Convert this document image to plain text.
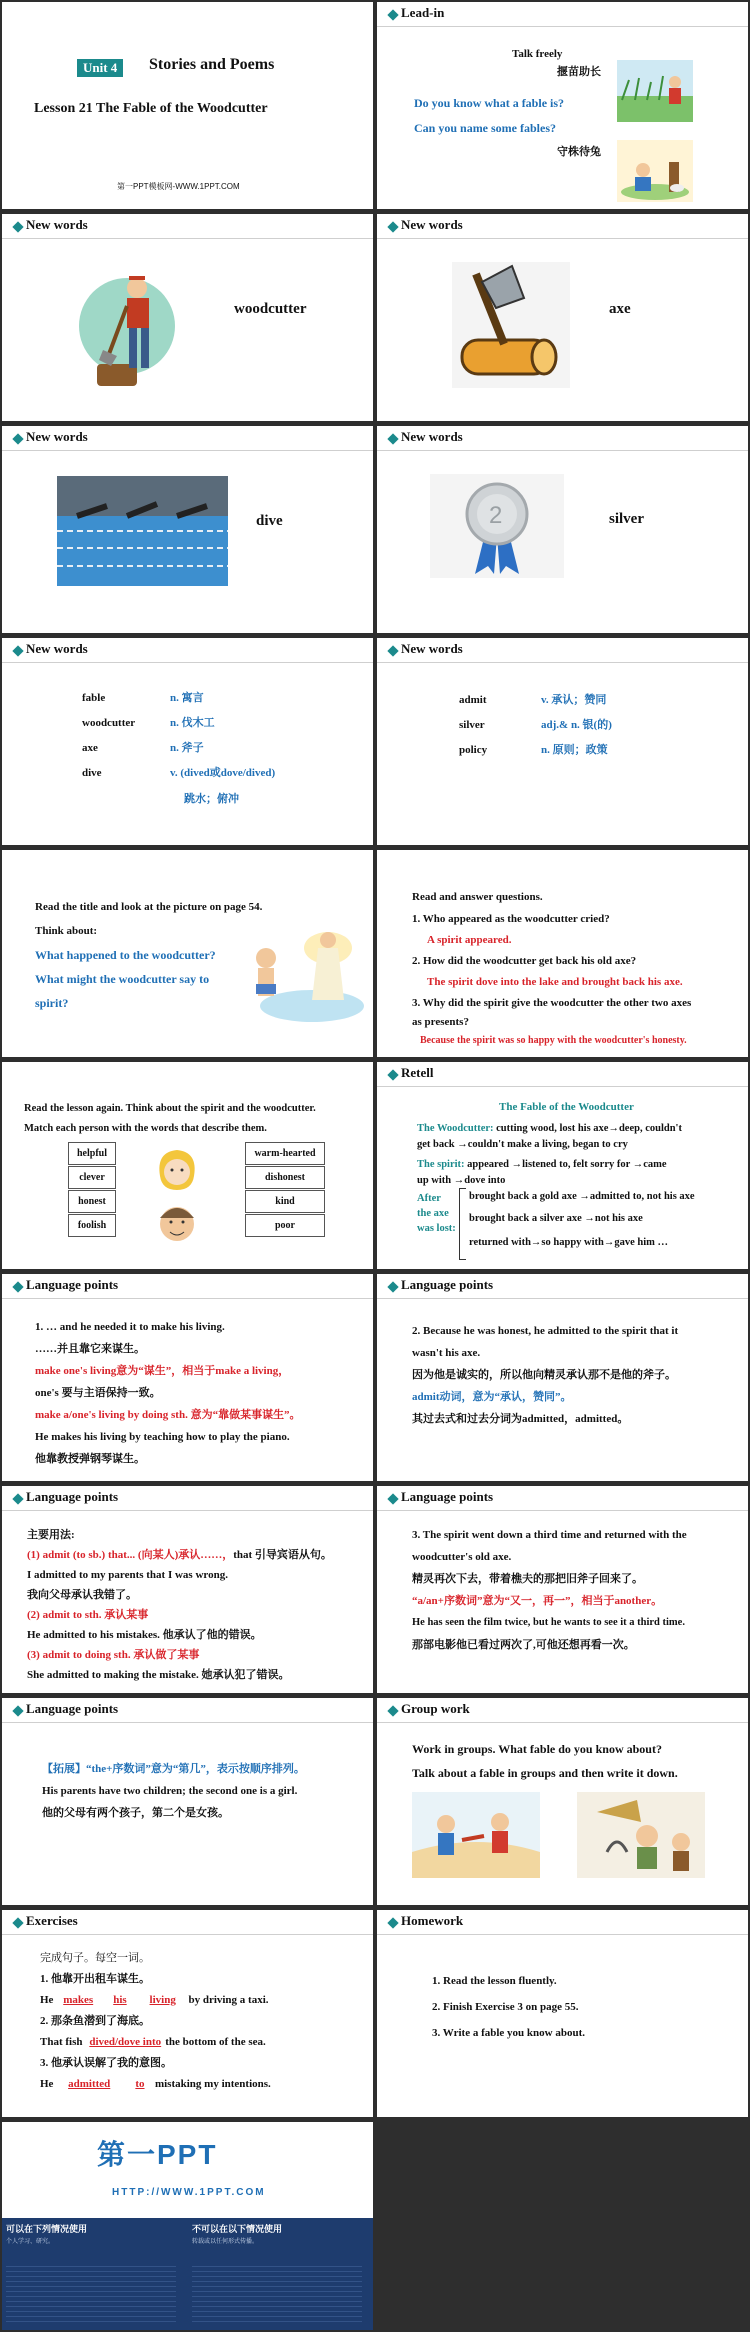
Unit 4	Stories and Poems
Lesson 21 The Fable of the Woodcutter
第一PPT模板网-WWW.1PPT.COM
Lead-in
Talk freely
揠苗助长
Do you know what a fable is?
Can you name some fables?
守株待兔
New words
woodcutter
New words
axe
New words
dive
New words
2	silver
New words
fable	n. 寓言
woodcutter	n. 伐木工
axe	n. 斧子
dive	v. (dived或dove/dived)
跳水；俯冲
New words
admit	v. 承认；赞同
silver	adj.& n. 银(的)
policy	n. 原则；政策
Read the title and look at the picture on page 54.
Think about:
What happened to the woodcutter?
What might the woodcutter say to
spirit?
Read and answer questions.
1. Who appeared as the woodcutter cried?
A spirit appeared.
2. How did the woodcutter get back his old axe?
The spirit dove into the lake and brought back his axe.
3. Why did the spirit give the woodcutter the other two axes
as presents?
Because the spirit was so happy with the woodcutter's honesty.
Read the lesson again. Think about the spirit and the woodcutter.
Match each person with the words that describe them.
helpful
clever
honest
foolish
warm-hearted
dishonest
kind
poor
Retell
The Fable of the Woodcutter
The Woodcutter: cutting wood, lost his axe→deep, couldn't
get back →couldn't make a living, began to cry
The spirit: appeared →listened to, felt sorry for →came
up with →dove into
After
the axe
was lost:
brought back a gold axe →admitted to, not his axe
brought back a silver axe →not his axe
returned with→so happy with→gave him …
Language points
1. … and he needed it to make his living.
……并且靠它来谋生。
make one's living意为“谋生”，相当于make a living，
one's 要与主语保持一致。
make a/one's living by doing sth. 意为“靠做某事谋生”。
He makes his living by teaching how to play the piano.
他靠教授弹钢琴谋生。
Language points
2. Because he was honest, he admitted to the spirit that it
wasn't his axe.
因为他是诚实的，所以他向精灵承认那不是他的斧子。
admit动词，意为“承认，赞同”。
其过去式和过去分词为admitted，admitted。
Language points
主要用法:
(1) admit (to sb.) that... (向某人)承认……，that 引导宾语从句。
I admitted to my parents that I was wrong.
我向父母承认我错了。
(2) admit to sth. 承认某事
He admitted to his mistakes. 他承认了他的错误。
(3) admit to doing sth. 承认做了某事
She admitted to making the mistake. 她承认犯了错误。
Language points
3. The spirit went down a third time and returned with the
woodcutter's old axe.
精灵再次下去，带着樵夫的那把旧斧子回来了。
“a/an+序数词”意为“又一，再一”，相当于another。
He has seen the film twice, but he wants to see it a third time.
那部电影他已看过两次了,可他还想再看一次。
Language points
【拓展】“the+序数词”意为“第几”，表示按顺序排列。
His parents have two children; the second one is a girl.
他的父母有两个孩子，第二个是女孩。
Group work
Work in groups. What fable do you know about?
Talk about a fable in groups and then write it down.
Exercises
完成句子。每空一词。
1. 他靠开出租车谋生。
He makes his living by driving a taxi.
2. 那条鱼潜到了海底。
That fish dived/dove into the bottom of the sea.
3. 他承认误解了我的意图。
He admitted to mistaking my intentions.
Homework
1. Read the lesson fluently.
2. Finish Exercise 3 on page 55.
3. Write a fable you know about.
第一PPT
HTTP://WWW.1PPT.COM
可以在下列情况使用
个人学习、研究。
不可以在以下情况使用
转载或以任何形式传播。
